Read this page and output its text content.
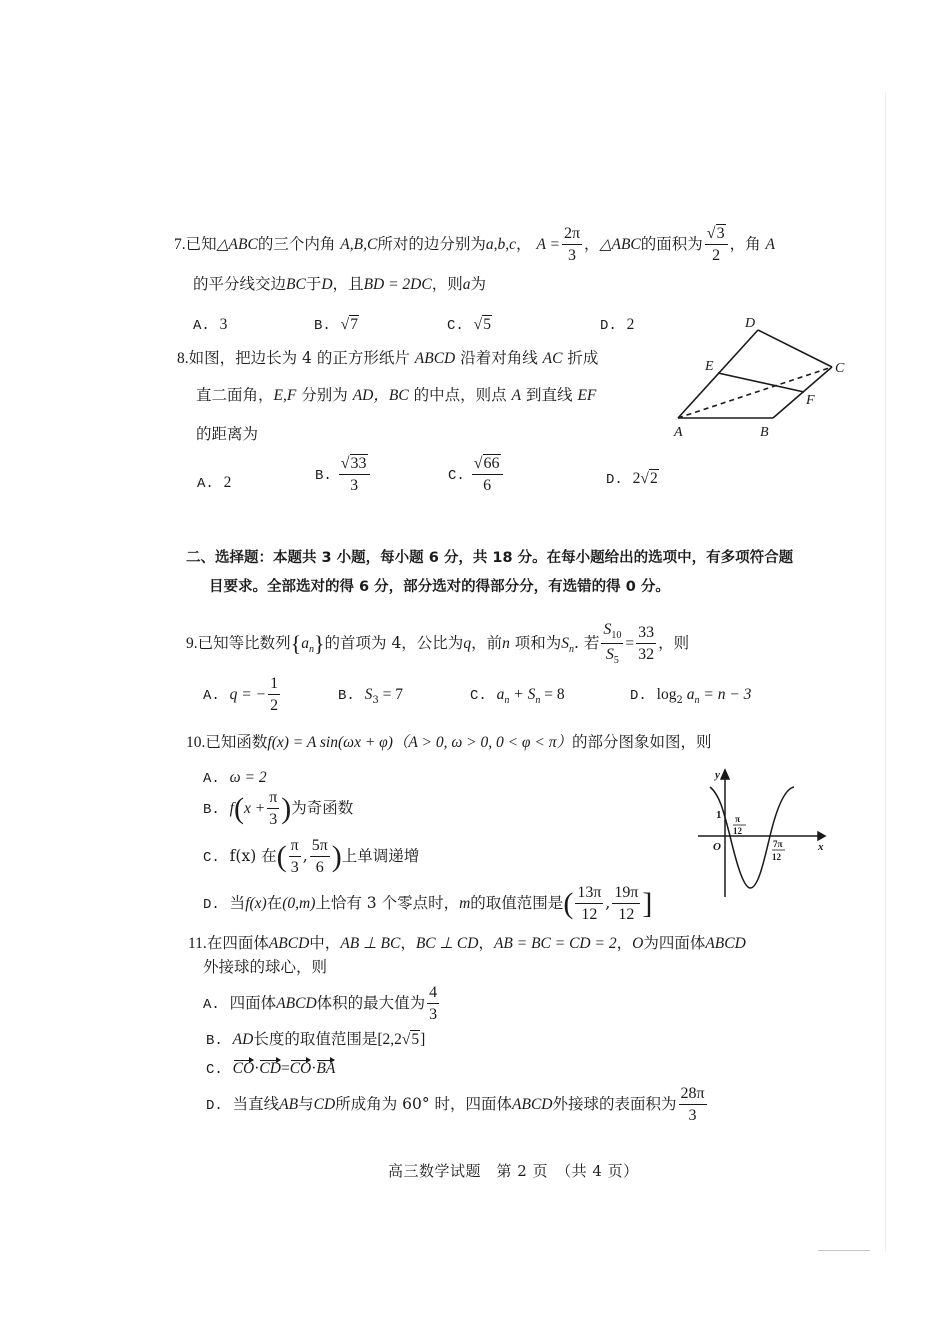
7.已知△ABC的三个内角 A,B,C所对的边分别为a,b,c， $A = \frac{2\pi}{3}$ ，△ABC的面积为 $\frac{√3}{2}$ ，角 A
的平分线交边BC于D，且BD = 2DC，则a为
A. 3	B. √7	C. √5	D. 2
8.如图，把边长为 4 的正方形纸片 ABCD 沿着对角线 AC 折成
直二面角，E,F 分别为 AD，BC 的中点，则点 A 到直线 EF
的距离为
A. 2	B. $\frac{√33}{3}$	C. $\frac{√66}{6}$	D. 2√2
D
E	C
F
A	B
二、选择题：本题共 3 小题，每小题 6 分，共 18 分。在每小题给出的选项中，有多项符合题
目要求。全部选对的得 6 分，部分选对的得部分分，有选错的得 0 分。
9.已知等比数列$\{a_n\}$的首项为 4，公比为q，前n 项和为$S_n$. 若 $\frac{S_{10}}{S_5} = \frac{33}{32}$ ，则
A. q = − $\frac{1}{2}$	B. $S_3 = 7$	C. $a_n + S_n = 8$	D. $\log_2 a_n = n - 3$
10.已知函数f(x) = A sin(ωx + φ)（A > 0, ω > 0, 0 < φ < π）的部分图象如图，则
A. ω = 2
B. $f(x + \frac{\pi}{3}$ )为奇函数
C. f(x) 在( $\frac{\pi}{3}$ , $\frac{5\pi}{6}$ )上单调递增
D. 当f(x)在(0,m)上恰有 3 个零点时，m的取值范围是( $\frac{13\pi}{12}$ , $\frac{19\pi}{12}$ ]
y
x
O
1 π
12
7π
12
11.在四面体ABCD中，AB ⊥ BC，BC ⊥ CD，AB = BC = CD = 2，O为四面体ABCD
外接球的球心，则
A. 四面体ABCD体积的最大值为 $\frac{4}{3}$
B. AD长度的取值范围是[2,2√5]
C. CO·CD=CO·BA
D. 当直线AB与CD所成角为 60° 时，四面体ABCD外接球的表面积为 $\frac{28\pi}{3}$
高三数学试题　第 2 页　（共 4 页）
